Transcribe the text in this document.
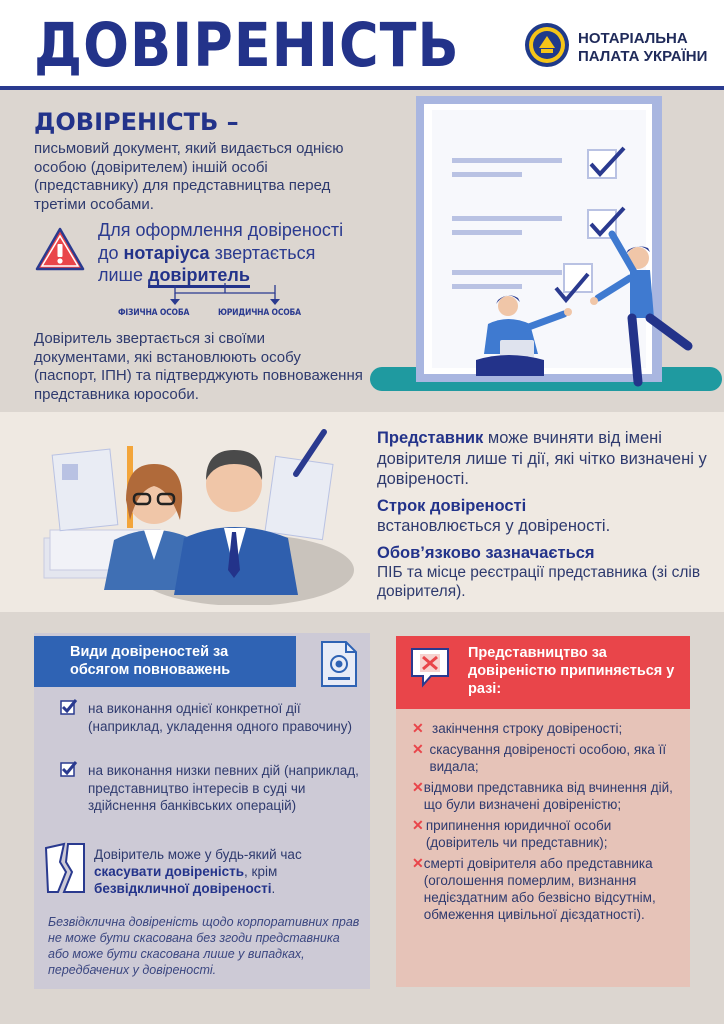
ДОВІРЕНІСТЬ	НОТАРІАЛЬНА
ПАЛАТА УКРАЇНИ
ДОВІРЕНІСТЬ –
письмовий документ, який видається однією особою (довірителем) іншій особі (представнику) для представництва перед третіми особами.
Для оформлення довіреності
до нотаріуса звертається
лише довіритель
ФІЗИЧНА ОСОБА	ЮРИДИЧНА ОСОБА
Довіритель звертається зі своїми документами, які встановлюють особу (паспорт, ІПН) та підтверджують повноваження представника юрособи.
Представник може вчиняти від імені довірителя лише ті дії, які чітко визначені у довіреності.
Строк довіреності
встановлюється у довіреності.
Обов’язково зазначається
ПІБ та місце реєстрації представника (зі слів довірителя).
Види довіреностей за обсягом повноважень
на виконання однієї конкретної дії (наприклад, укладення одного правочину)
на виконання низки певних дій (наприклад, представництво інтересів в суді чи здійснення банківських операцій)
Довіритель може у будь-який час скасувати довіреність, крім безвідкличної довіреності.
Безвідклична довіреність щодо корпоративних прав не може бути скасована без згоди представника або може бути скасована лише у випадках, передбачених у довіреності.
Представництво за довіреністю припиняється у разі:
✕ закінчення строку довіреності;
✕ скасування довіреності особою, яка її видала;
✕ відмови представника від вчинення дій, що були визначені довіреністю;
✕ припинення юридичної особи (довіритель чи представник);
✕ смерті довірителя або представника (оголошення померлим, визнання недієздатним або безвісно відсутнім, обмеження цивільної дієздатності).
